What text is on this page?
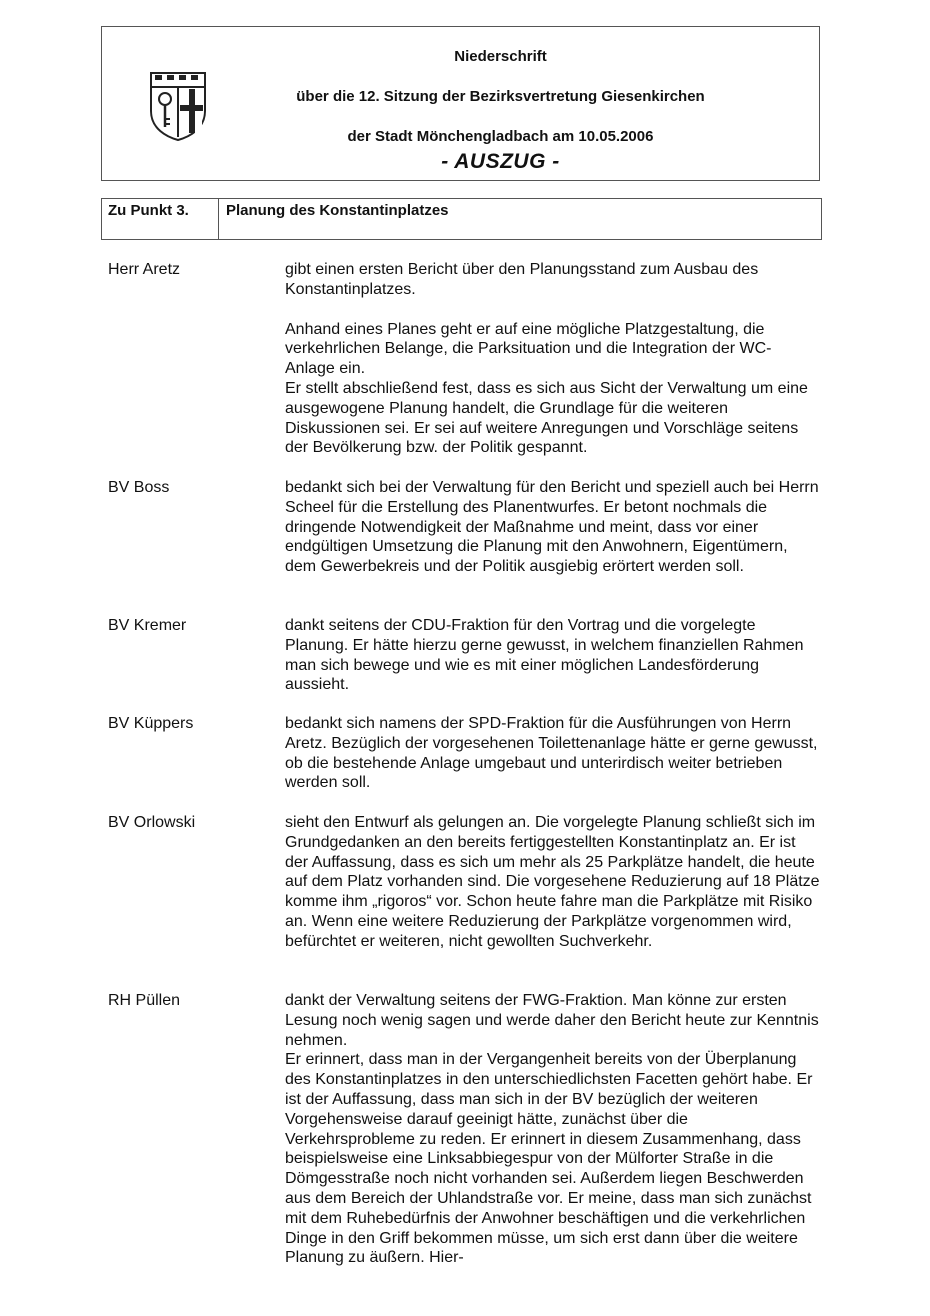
Niederschrift
über die 12. Sitzung der Bezirksvertretung Giesenkirchen
der Stadt Mönchengladbach am 10.05.2006
- AUSZUG -
Zu Punkt 3. Planung des Konstantinplatzes
Herr Aretz	gibt einen ersten Bericht über den Planungsstand zum Ausbau des Konstantinplatzes.

Anhand eines Planes geht er auf eine mögliche Platzgestaltung, die verkehrlichen Belange, die Parksituation und die Integration der WC-Anlage ein.

Er stellt abschließend fest, dass es sich aus Sicht der Verwaltung um eine ausgewogene Planung handelt, die Grundlage für die weiteren Diskussionen sei. Er sei auf weitere Anregungen und Vorschläge seitens der Bevölkerung bzw. der Politik gespannt.

BV Boss	bedankt sich bei der Verwaltung für den Bericht und speziell auch bei Herrn Scheel für die Erstellung des Planentwurfes. Er betont nochmals die dringende Notwendigkeit der Maßnahme und meint, dass vor einer endgültigen Umsetzung die Planung mit den Anwohnern, Eigentümern, dem Gewerbekreis und der Politik ausgiebig erörtert werden soll.

BV Kremer	dankt seitens der CDU-Fraktion für den Vortrag und die vorgelegte Planung. Er hätte hierzu gerne gewusst, in welchem finanziellen Rahmen man sich bewege und wie es mit einer möglichen Landesförderung aussieht.

BV Küppers	bedankt sich namens der SPD-Fraktion für die Ausführungen von Herrn Aretz. Bezüglich der vorgesehenen Toilettenanlage hätte er gerne gewusst, ob die bestehende Anlage umgebaut und unterirdisch weiter betrieben werden soll.

BV Orlowski	sieht den Entwurf als gelungen an. Die vorgelegte Planung schließt sich im Grundgedanken an den bereits fertiggestellten Konstantinplatz an. Er ist der Auffassung, dass es sich um mehr als 25 Parkplätze handelt, die heute auf dem Platz vorhanden sind. Die vorgesehene Reduzierung auf 18 Plätze komme ihm „rigoros“ vor. Schon heute fahre man die Parkplätze mit Risiko an. Wenn eine weitere Reduzierung der Parkplätze vorgenommen wird, befürchtet er weiteren, nicht gewollten Suchverkehr.

RH Püllen	dankt der Verwaltung seitens der FWG-Fraktion. Man könne zur ersten Lesung noch wenig sagen und werde daher den Bericht heute zur Kenntnis nehmen.

Er erinnert, dass man in der Vergangenheit bereits von der Überplanung des Konstantinplatzes in den unterschiedlichsten Facetten gehört habe. Er ist der Auffassung, dass man sich in der BV bezüglich der weiteren Vorgehensweise darauf geeinigt hätte, zunächst über die Verkehrsprobleme zu reden. Er erinnert in diesem Zusammenhang, dass beispielsweise eine Linksabbiegespur von der Mülforter Straße in die Dömgesstraße noch nicht vorhanden sei. Außerdem liegen Beschwerden aus dem Bereich der Uhlandstraße vor. Er meine, dass man sich zunächst mit dem Ruhebedürfnis der Anwohner beschäftigen und die verkehrlichen Dinge in den Griff bekommen müsse, um sich erst dann über die weitere Planung zu äußern. Hier-
